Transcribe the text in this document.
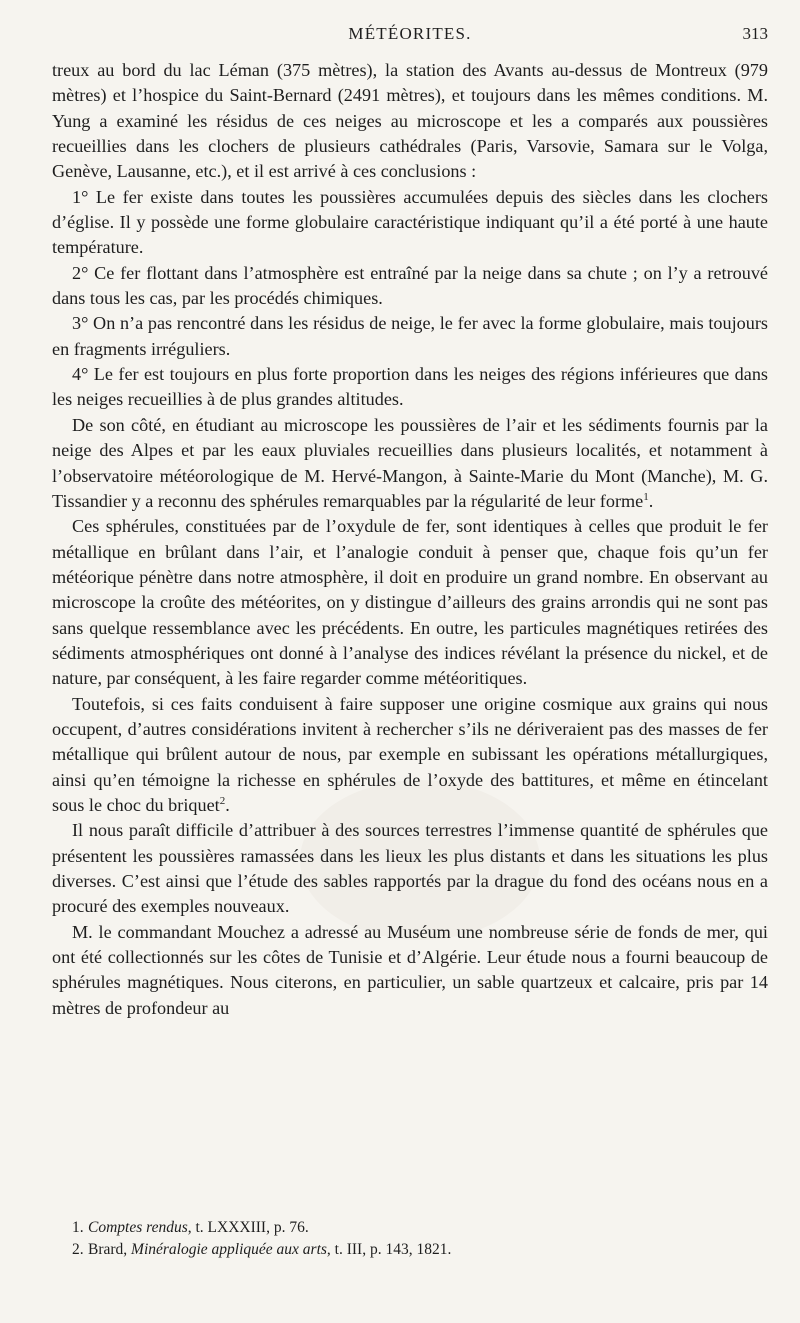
MÉTÉORITES.	313

treux au bord du lac Léman (375 mètres), la station des Avants au-dessus de Montreux (979 mètres) et l’hospice du Saint-Bernard (2491 mètres), et toujours dans les mêmes conditions. M. Yung a examiné les résidus de ces neiges au microscope et les a comparés aux poussières recueillies dans les clochers de plusieurs cathédrales (Paris, Varsovie, Samara sur le Volga, Genève, Lausanne, etc.), et il est arrivé à ces conclusions :

1° Le fer existe dans toutes les poussières accumulées depuis des siècles dans les clochers d’église. Il y possède une forme globulaire caractéristique indiquant qu’il a été porté à une haute température.

2° Ce fer flottant dans l’atmosphère est entraîné par la neige dans sa chute ; on l’y a retrouvé dans tous les cas, par les procédés chimiques.

3° On n’a pas rencontré dans les résidus de neige, le fer avec la forme globulaire, mais toujours en fragments irréguliers.

4° Le fer est toujours en plus forte proportion dans les neiges des régions inférieures que dans les neiges recueillies à de plus grandes altitudes.

De son côté, en étudiant au microscope les poussières de l’air et les sédiments fournis par la neige des Alpes et par les eaux pluviales recueillies dans plusieurs localités, et notamment à l’observatoire météorologique de M. Hervé-Mangon, à Sainte-Marie du Mont (Manche), M. G. Tissandier y a reconnu des sphérules remarquables par la régularité de leur forme$^1$.

Ces sphérules, constituées par de l’oxydule de fer, sont identiques à celles que produit le fer métallique en brûlant dans l’air, et l’analogie conduit à penser que, chaque fois qu’un fer météorique pénètre dans notre atmosphère, il doit en produire un grand nombre. En observant au microscope la croûte des météorites, on y distingue d’ailleurs des grains arrondis qui ne sont pas sans quelque ressemblance avec les précédents. En outre, les particules magnétiques retirées des sédiments atmosphériques ont donné à l’analyse des indices révélant la présence du nickel, et de nature, par conséquent, à les faire regarder comme météoritiques.

Toutefois, si ces faits conduisent à faire supposer une origine cosmique aux grains qui nous occupent, d’autres considérations invitent à rechercher s’ils ne dériveraient pas des masses de fer métallique qui brûlent autour de nous, par exemple en subissant les opérations métallurgiques, ainsi qu’en témoigne la richesse en sphérules de l’oxyde des battitures, et même en étincelant sous le choc du briquet$^2$.

Il nous paraît difficile d’attribuer à des sources terrestres l’immense quantité de sphérules que présentent les poussières ramassées dans les lieux les plus distants et dans les situations les plus diverses. C’est ainsi que l’étude des sables rapportés par la drague du fond des océans nous en a procuré des exemples nouveaux.

M. le commandant Mouchez a adressé au Muséum une nombreuse série de fonds de mer, qui ont été collectionnés sur les côtes de Tunisie et d’Algérie. Leur étude nous a fourni beaucoup de sphérules magnétiques. Nous citerons, en particulier, un sable quartzeux et calcaire, pris par 14 mètres de profondeur au

1. Comptes rendus, t. LXXXIII, p. 76.

2. Brard, Minéralogie appliquée aux arts, t. III, p. 143, 1821.
